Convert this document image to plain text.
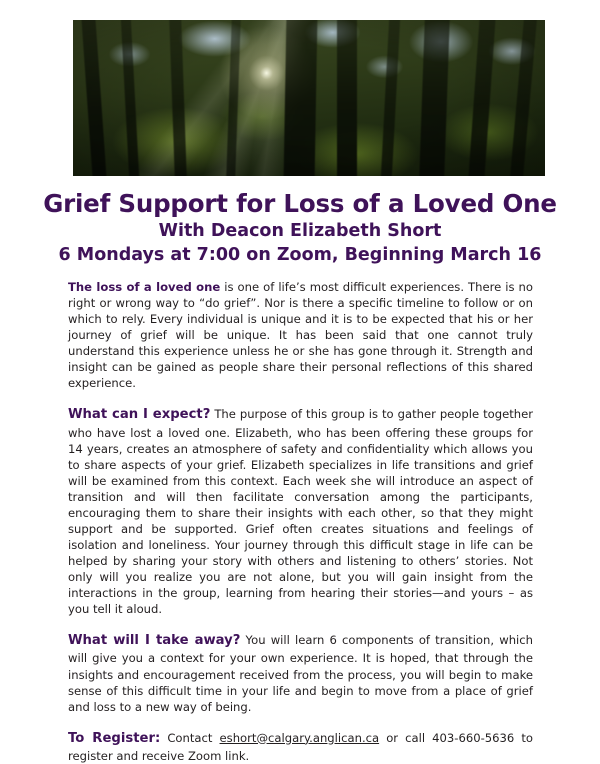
Grief Support for Loss of a Loved One
With Deacon Elizabeth Short
6 Mondays at 7:00 on Zoom, Beginning March 16

The loss of a loved one is one of life’s most difficult experiences. There is no right or wrong way to “do grief”. Nor is there a specific timeline to follow or on which to rely. Every individual is unique and it is to be expected that his or her journey of grief will be unique. It has been said that one cannot truly understand this experience unless he or she has gone through it. Strength and insight can be gained as people share their personal reflections of this shared experience.

What can I expect? The purpose of this group is to gather people together who have lost a loved one. Elizabeth, who has been offering these groups for 14 years, creates an atmosphere of safety and confidentiality which allows you to share aspects of your grief. Elizabeth specializes in life transitions and grief will be examined from this context. Each week she will introduce an aspect of transition and will then facilitate conversation among the participants, encouraging them to share their insights with each other, so that they might support and be supported. Grief often creates situations and feelings of isolation and loneliness. Your journey through this difficult stage in life can be helped by sharing your story with others and listening to others’ stories. Not only will you realize you are not alone, but you will gain insight from the interactions in the group, learning from hearing their stories—and yours – as you tell it aloud.

What will I take away? You will learn 6 components of transition, which will give you a context for your own experience. It is hoped, that through the insights and encouragement received from the process, you will begin to make sense of this difficult time in your life and begin to move from a place of grief and loss to a new way of being.

To Register: Contact eshort@calgary.anglican.ca or call 403-660-5636 to register and receive Zoom link.
